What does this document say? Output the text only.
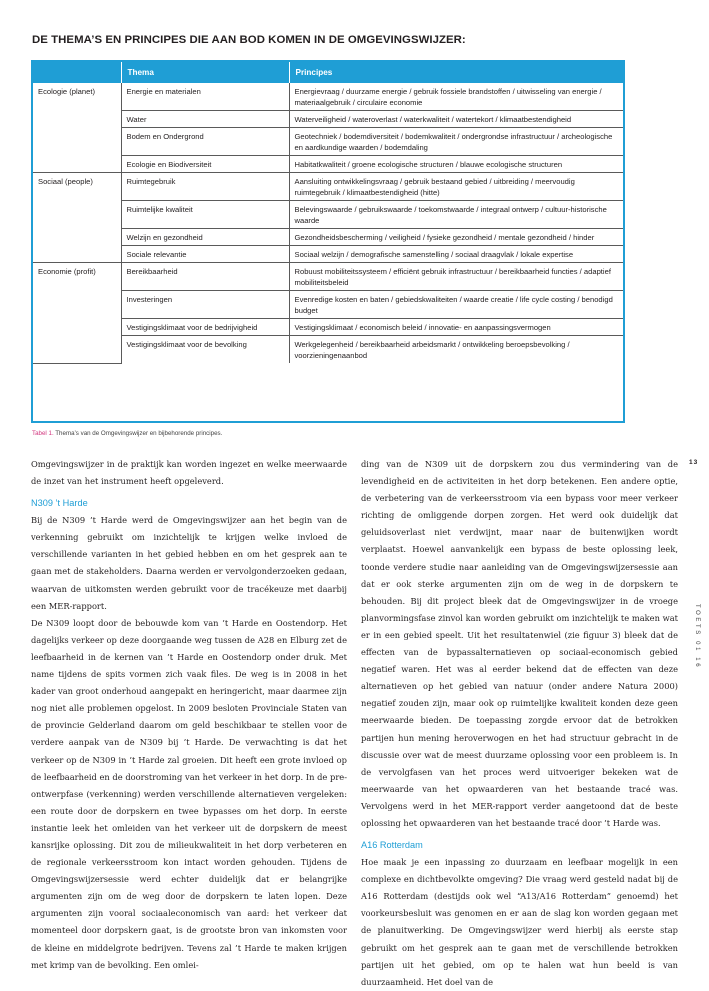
DE THEMA’S EN PRINCIPES DIE AAN BOD KOMEN IN DE OMGEVINGSWIJZER:
	Thema	Principes
Ecologie (planet)	Energie en materialen	Energievraag / duurzame energie / gebruik fossiele brandstoffen / uitwisseling van energie / materiaalgebruik / circulaire economie
	Water	Waterveiligheid / wateroverlast / waterkwaliteit / watertekort / klimaatbestendigheid
	Bodem en Ondergrond	Geotechniek / bodemdiversiteit / bodemkwaliteit / ondergrondse infrastructuur / archeologische en aardkundige waarden / bodemdaling
	Ecologie en Biodiversiteit	Habitatkwaliteit / groene ecologische structuren / blauwe ecologische structuren
Sociaal (people)	Ruimtegebruik	Aansluiting ontwikkelingsvraag / gebruik bestaand gebied / uitbreiding / meervoudig ruimtegebruik / klimaatbestendigheid (hitte)
	Ruimtelijke kwaliteit	Belevingswaarde / gebruikswaarde / toekomstwaarde / integraal ontwerp / cultuur-historische waarde
	Welzijn en gezondheid	Gezondheidsbescherming / veiligheid / fysieke gezondheid / mentale gezondheid / hinder
	Sociale relevantie	Sociaal welzijn / demografische samenstelling / sociaal draagvlak / lokale expertise
Economie (profit)	Bereikbaarheid	Robuust mobiliteitssysteem / efficiënt gebruik infrastructuur / bereikbaarheid functies / adaptief mobiliteitsbeleid
	Investeringen	Evenredige kosten en baten / gebiedskwaliteiten / waarde creatie / life cycle costing / benodigd budget
	Vestigingsklimaat voor de bedrijvigheid	Vestigingsklimaat / economisch beleid / innovatie- en aanpassingsvermogen
	Vestigingsklimaat voor de bevolking	Werkgelegenheid / bereikbaarheid arbeidsmarkt / ontwikkeling beroepsbevolking / voorzieningenaanbod
Tabel 1. Thema’s van de Omgevingswijzer en bijbehorende principes.

Omgevingswijzer in de praktijk kan worden ingezet en welke meerwaarde de inzet van het instrument heeft opgeleverd.

N309 ’t Harde

Bij de N309 ’t Harde werd de Omgevingswijzer aan het begin van de verkenning gebruikt om inzichtelijk te krijgen welke invloed de verschillende varianten in het gebied hebben en om het gesprek aan te gaan met de stakeholders. Daarna werden er vervolgonderzoeken gedaan, waarvan de uitkomsten werden gebruikt voor de tracékeuze met daarbij een MER-rapport.

De N309 loopt door de bebouwde kom van ’t Harde en Oostendorp. Het dagelijks verkeer op deze doorgaande weg tussen de A28 en Elburg zet de leefbaarheid in de kernen van ’t Harde en Oostendorp onder druk. Met name tijdens de spits vormen zich vaak files. De weg is in 2008 in het kader van groot onderhoud aangepakt en heringericht, maar daarmee zijn nog niet alle problemen opgelost. In 2009 besloten Provinciale Staten van de provincie Gelderland daarom om geld beschikbaar te stellen voor de verdere aanpak van de N309 bij ’t Harde. De verwachting is dat het verkeer op de N309 in ’t Harde zal groeien. Dit heeft een grote invloed op de leefbaarheid en de doorstroming van het verkeer in het dorp. In de pre-ontwerpfase (verkenning) werden verschillende alternatieven vergeleken: een route door de dorpskern en twee bypasses om het dorp. In eerste instantie leek het omleiden van het verkeer uit de dorpskern de meest kansrijke oplossing. Dit zou de milieukwaliteit in het dorp verbeteren en de regionale verkeersstroom kon intact worden gehouden. Tijdens de Omgevingswijzersessie werd echter duidelijk dat er belangrijke argumenten zijn om de weg door de dorpskern te laten lopen. Deze argumenten zijn vooral sociaaleconomisch van aard: het verkeer dat momenteel door dorpskern gaat, is de grootste bron van inkomsten voor de kleine en middelgrote bedrijven. Tevens zal ’t Harde te maken krijgen met krimp van de bevolking. Een omlei-

ding van de N309 uit de dorpskern zou dus vermindering van de levendigheid en de activiteiten in het dorp betekenen. Een andere optie, de verbetering van de verkeersstroom via een bypass voor meer verkeer richting de omliggende dorpen zorgen. Het werd ook duidelijk dat geluidsoverlast niet verdwijnt, maar naar de buitenwijken wordt verplaatst. Hoewel aanvankelijk een bypass de beste oplossing leek, toonde verdere studie naar aanleiding van de Omgevingswijzersessie aan dat er ook sterke argumenten zijn om de weg in de dorpskern te behouden. Bij dit project bleek dat de Omgevingswijzer in de vroege planvormingsfase zinvol kan worden gebruikt om inzichtelijk te maken wat er in een gebied speelt. Uit het resultatenwiel (zie figuur 3) bleek dat de effecten van de bypassalternatieven op sociaal-economisch gebied negatief waren. Het was al eerder bekend dat de effecten van deze alternatieven op het gebied van natuur (onder andere Natura 2000) negatief zouden zijn, maar ook op ruimtelijke kwaliteit konden deze geen meerwaarde bieden. De toepassing zorgde ervoor dat de betrokken partijen hun mening heroverwogen en het had structuur gebracht in de discussie over wat de meest duurzame oplossing voor een probleem is. In de vervolgfasen van het proces werd uitvoeriger bekeken wat de meerwaarde van het opwaarderen van het bestaande tracé was. Vervolgens werd in het MER-rapport verder aangetoond dat de beste oplossing het opwaarderen van het bestaande tracé door ’t Harde was.

A16 Rotterdam

Hoe maak je een inpassing zo duurzaam en leefbaar mogelijk in een complexe en dichtbevolkte omgeving? Die vraag werd gesteld nadat bij de A16 Rotterdam (destijds ook wel “A13/A16 Rotterdam” genoemd) het voorkeursbesluit was genomen en er aan de slag kon worden gegaan met de planuitwerking. De Omgevingswijzer werd hierbij als eerste stap gebruikt om het gesprek aan te gaan met de verschillende betrokken partijen uit het gebied, om op te halen wat hun beeld is van duurzaamheid. Het doel van de

13
TOETS 01 16
